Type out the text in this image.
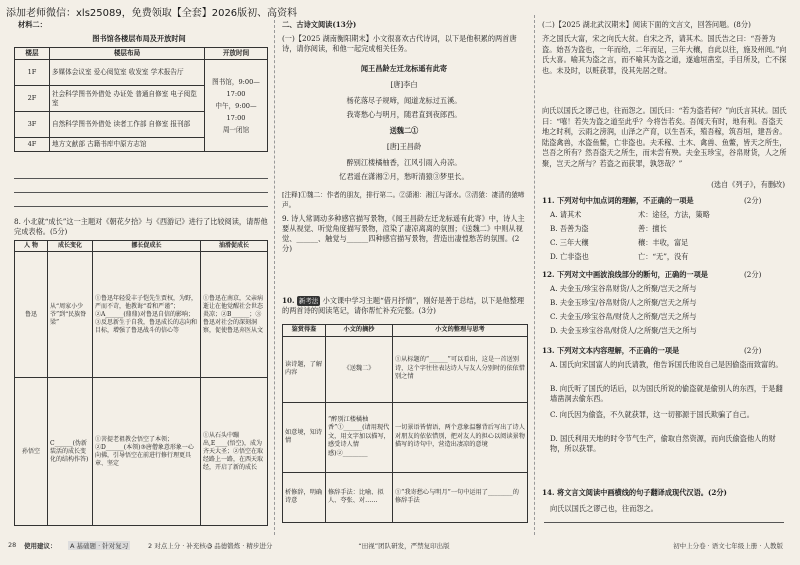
添加老师微信：xls25089，免费领取【全套】2026版初、高资料
材料二：
图书馆各楼层布局及开放时间
楼层	楼层布局	开放时间
1F	多媒体会议室 爱心阅览室 收发室 学术报告厅	图书馆，9:00—17:00
中午，9:00—17:00
周一闭馆

2F	社会科学图书外借处 办证处 普通自修室 电子阅览室	
3F	自然科学图书外借处 读者工作部 自修室 报刊部	
4F	地方文献部 古籍书库中原方志馆	
8. 小北就“成长”这一主题对《朝花夕拾》与《西游记》进行了比较阅读，请帮他完成表格。(5分)
人 物	成长变化	挪长促成长	油滑促成长
鲁迅	从“周家小少爷”到“民族脊梁”	①鲁迅年轻爱丰子恺先生贾权，为野，严而不苛，他教诲“看和严谨”；②A______(鼎鼎)对鲁迅自信的影响；③反思新生于自我，鲁迅成长的志向和目标，增强了鲁迅战斗的信心等	①鲁迅在南京，父亲病逝让在他觉醒社会世态炎凉；②B______；③鲁迅对社会的深刻洞察，促使鲁迅弃医从文
孙悟空	C______(伪新装活的成长变化的结构作答)	①菩提老祖教会悟空了本领；②D______(本领)③唐僧象意形象一心向佛，引导悟空在前进行修行理更具章、坚定	①从石头中蹦出,E____(悟空)，成为齐天大圣；②悟空在取经路上一路，在西天取经，开启了新的成长
28 使用建议：	A 基础题 · 针对复习	2 对点上分 · 补充核心
3 品德锻炼 · 精步进分
二、古诗文阅读(13分)
(一)【2025 湖南衡阳期末】小文很喜欢古代诗词，以下是他积累的两首唐诗，请你阅读，和他一起完成相关任务。
闻王昌龄左迁龙标遥有此寄
[唐]李白
杨花落尽子规啼，闻道龙标过五溪。
我寄愁心与明月，随君直到夜郎西。
送魏二①
[唐]王昌龄
醉别江楼橘柚香，江风引雨入舟凉。
忆君遥在潇湘②月，愁听清猿③梦里长。
[注释]①魏二：作者的朋友，排行第二。②潇湘：湘江与潇水。③清猿：凄清的猿啼声。
9. 诗人常调动多种感官描写景物，《闻王昌龄左迁龙标遥有此寄》中，诗人主要从视觉、听觉角度描写景物，渲染了凄凉离离的氛围；《送魏二》中则从视觉、______、触觉与______四种感官描写景物，营造出凄惶愁苦的氛围。(2分)
10. 新考法 小文课中学习主题“借月抒情”，刚好是善于总结，以下是他整理的两首诗的阅读笔记，请你帮忙补充完整。(3分)
鉴赏得鉴	小文的摘抄	小文的整理与思考
读诗题，了解内容	《送魏二》	①从标题的“______”可以看出，这是一首送别诗，这个字往往表达诗人与友人分别时的依依惜别之情
如意境，知诗情	“醉别江楼橘柚香”①______(请用现代文，用文字加以描写，感受诗人情感)②________	一切景语皆情语，两个意象温馨背后写出了诗人对朋友的依依惜别，把对友人的担心以阅读景物描写的诗句中，营造出凄凉的意境
析修辞，明确诗意	修辞手法：比喻、拟人、夸张、对……	①“我寄愁心与明月”一句中运用了________的修辞手法
“田视”团队研发，严禁复印出版
(二)【2025 湖北武汉期末】阅读下面的文言文，回答问题。(8分)
齐之国氏大富，宋之向氏大贫。自宋之齐，请其术。国氏告之曰：“吾善为盗。始吾为盗也，一年而给，二年而足，三年大穰，自此以往，施及州闾。”向氏大喜。喻其为盗之言，而不喻其为盗之道，遂逾垣凿室，手目所及，亡不探也。未及时，以赃获罪，没其先居之财。
向氏以国氏之谬己也，往而怨之。国氏曰：“若为盗若何？”向氏言其状。国氏曰：“嘻！若失为盗之道至此乎？今将告若矣。吾闻天有时，地有利。吾盗天地之时利，云雨之滂润，山泽之产育，以生吾禾，殖吾稼，筑吾垣，建吾舍。陆盗禽兽，水盗鱼鳖，亡非盗也。夫禾稼、土木、禽兽、鱼鳖，皆天之所生，岂吾之所有？然吾盗天之所生，而未尝有殃。夫金玉珍宝，谷帛财货，人之所聚，岂天之所与？若盗之而获罪，孰怨哉？”
(选自《列子》，有删改)
11. 下列对句中加点词的理解，不正确的一项是	(2分)
A. 请其术	术：途径，方法，策略
B. 吾善为盗	善：擅长
C. 三年大穰	穰：丰收，富足
D. 亡非盗也	亡：“无”，没有
12. 下列对文中画波浪线部分的断句，正确的一项是	(2分)
A. 夫金玉/珍宝谷帛财货/人之所聚/岂天之所与
B. 夫金玉珍宝/谷帛财货/人之所聚/岂天之所与
C. 夫金玉/珍宝谷帛/财货人之所聚/岂天之所与
D. 夫金玉珍宝谷帛/财货人/之所聚/岂天之所与
13. 下列对文本内容理解，不正确的一项是	(2分)
A. 国氏向宋国富人的向氏请教，他告诉国氏他说自己是因偷盗而致富的。
B. 向氏听了国氏的话后，以为国氏所说的偷盗就是偷别人的东西，于是翻墙凿洞去偷东西。
C. 向氏因为偷盗，不久就获罪，这一切都源于国氏欺骗了自己。
D. 国氏利用天地的时令节气生产，偷取自然资源，而向氏偷盗他人的财物，所以获罪。
14. 将文言文阅读中画横线的句子翻译成现代汉语。(2分)
向氏以国氏之谬己也，往而怨之。
初中上分卷 · 语文七年级上册 · 人教版
